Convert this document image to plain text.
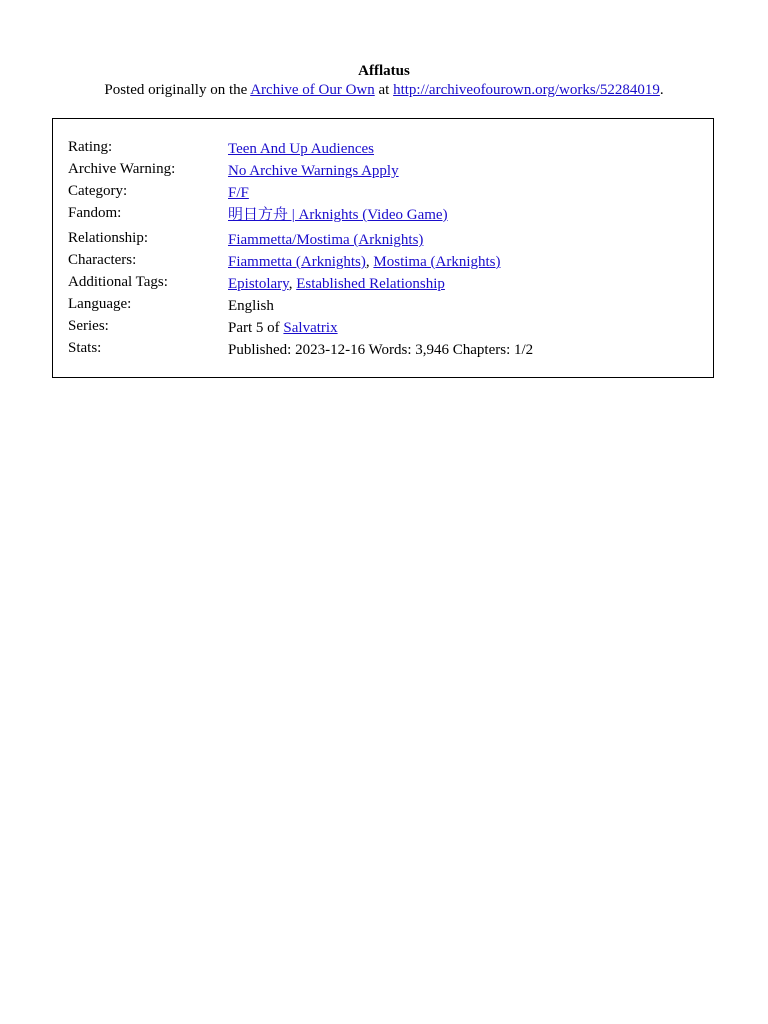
Afflatus

Posted originally on the Archive of Our Own at http://archiveofourown.org/works/52284019.

Rating:	Teen And Up Audiences
Archive Warning:	No Archive Warnings Apply
Category:	F/F
Fandom:	明日方舟 | Arknights (Video Game)
Relationship:	Fiammetta/Mostima (Arknights)
Characters:	Fiammetta (Arknights), Mostima (Arknights)
Additional Tags:	Epistolary, Established Relationship
Language:	English
Series:	Part 5 of Salvatrix
Stats:	Published: 2023-12-16 Words: 3,946 Chapters: 1/2
